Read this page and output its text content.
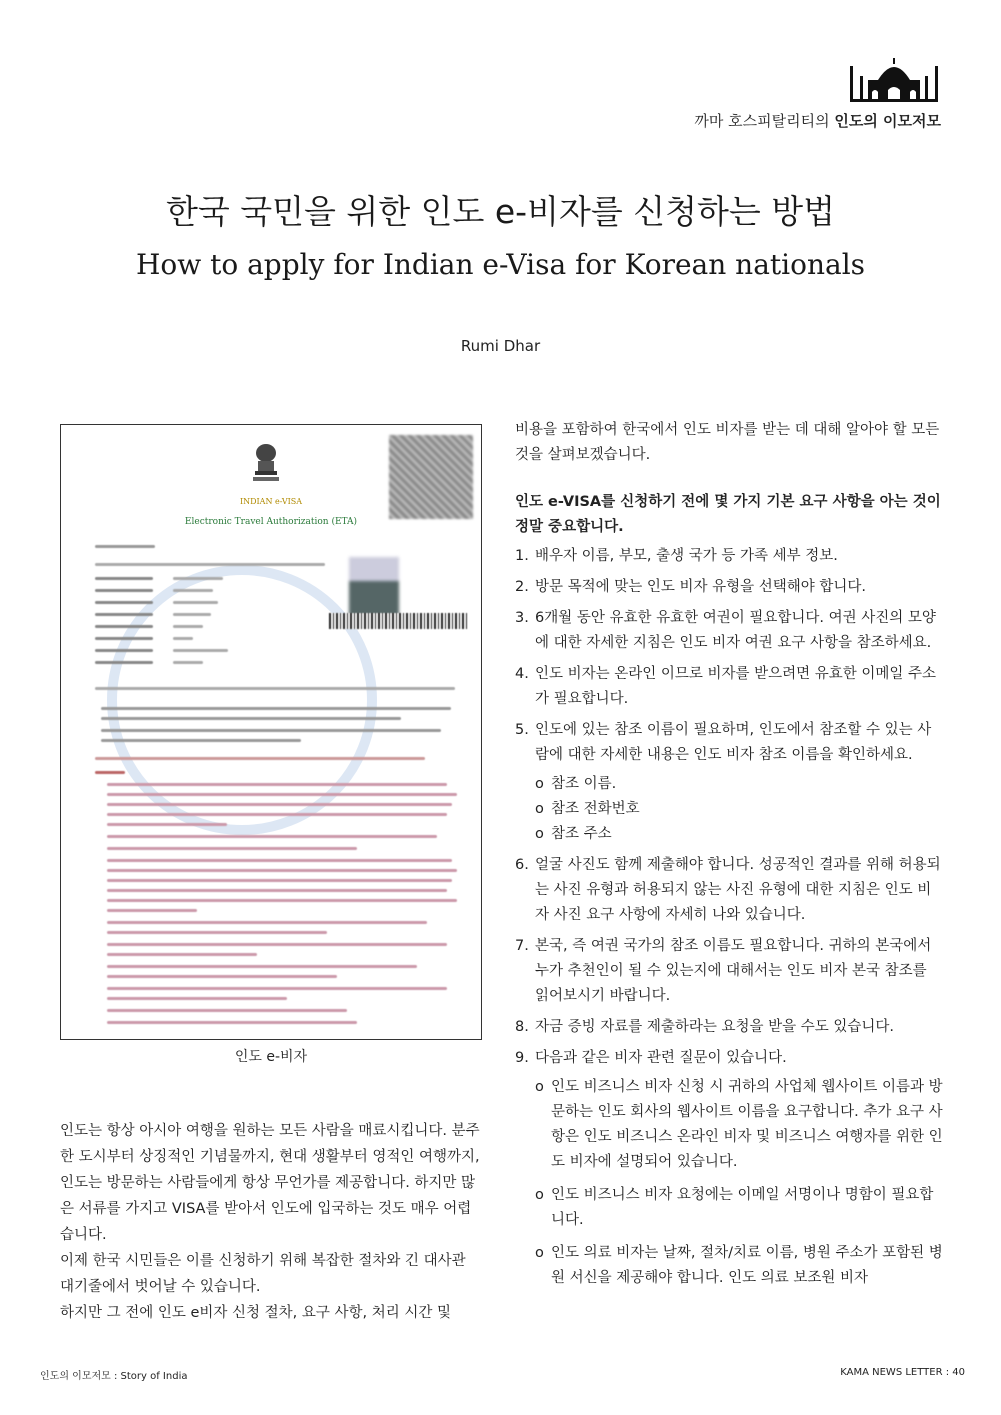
까마 호스피탈리티의 인도의 이모저모
한국 국민을 위한 인도 e-비자를 신청하는 방법
How to apply for Indian e-Visa for Korean nationals
Rumi Dhar
INDIAN e-VISA
Electronic Travel Authorization (ETA)
인도 e-비자

인도는 항상 아시아 여행을 원하는 모든 사람을 매료시킵니다. 분주한 도시부터 상징적인 기념물까지, 현대 생활부터 영적인 여행까지, 인도는 방문하는 사람들에게 항상 무언가를 제공합니다. 하지만 많은 서류를 가지고 VISA를 받아서 인도에 입국하는 것도 매우 어렵습니다.

이제 한국 시민들은 이를 신청하기 위해 복잡한 절차와 긴 대사관 대기줄에서 벗어날 수 있습니다.

하지만 그 전에 인도 e비자 신청 절차, 요구 사항, 처리 시간 및

비용을 포함하여 한국에서 인도 비자를 받는 데 대해 알아야 할 모든 것을 살펴보겠습니다.

인도 e-VISA를 신청하기 전에 몇 가지 기본 요구 사항을 아는 것이 정말 중요합니다.

1. 배우자 이름, 부모, 출생 국가 등 가족 세부 정보.
2. 방문 목적에 맞는 인도 비자 유형을 선택해야 합니다.
3. 6개월 동안 유효한 유효한 여권이 필요합니다. 여권 사진의 모양에 대한 자세한 지침은 인도 비자 여권 요구 사항을 참조하세요.
4. 인도 비자는 온라인 이므로 비자를 받으려면 유효한 이메일 주소가 필요합니다.
5. 인도에 있는 참조 이름이 필요하며, 인도에서 참조할 수 있는 사람에 대한 자세한 내용은 인도 비자 참조 이름을 확인하세요.
o 참조 이름.
o 참조 전화번호
o 참조 주소
6. 얼굴 사진도 함께 제출해야 합니다. 성공적인 결과를 위해 허용되는 사진 유형과 허용되지 않는 사진 유형에 대한 지침은 인도 비자 사진 요구 사항에 자세히 나와 있습니다.
7. 본국, 즉 여권 국가의 참조 이름도 필요합니다. 귀하의 본국에서 누가 추천인이 될 수 있는지에 대해서는 인도 비자 본국 참조를 읽어보시기 바랍니다.
8. 자금 증빙 자료를 제출하라는 요청을 받을 수도 있습니다.
9. 다음과 같은 비자 관련 질문이 있습니다.
o 인도 비즈니스 비자 신청 시 귀하의 사업체 웹사이트 이름과 방문하는 인도 회사의 웹사이트 이름을 요구합니다. 추가 요구 사항은 인도 비즈니스 온라인 비자 및 비즈니스 여행자를 위한 인도 비자에 설명되어 있습니다.
o 인도 비즈니스 비자 요청에는 이메일 서명이나 명함이 필요합니다.
o 인도 의료 비자는 날짜, 절차/치료 이름, 병원 주소가 포함된 병원 서신을 제공해야 합니다. 인도 의료 보조원 비자
인도의 이모저모 : Story of India	KAMA NEWS LETTER : 40
